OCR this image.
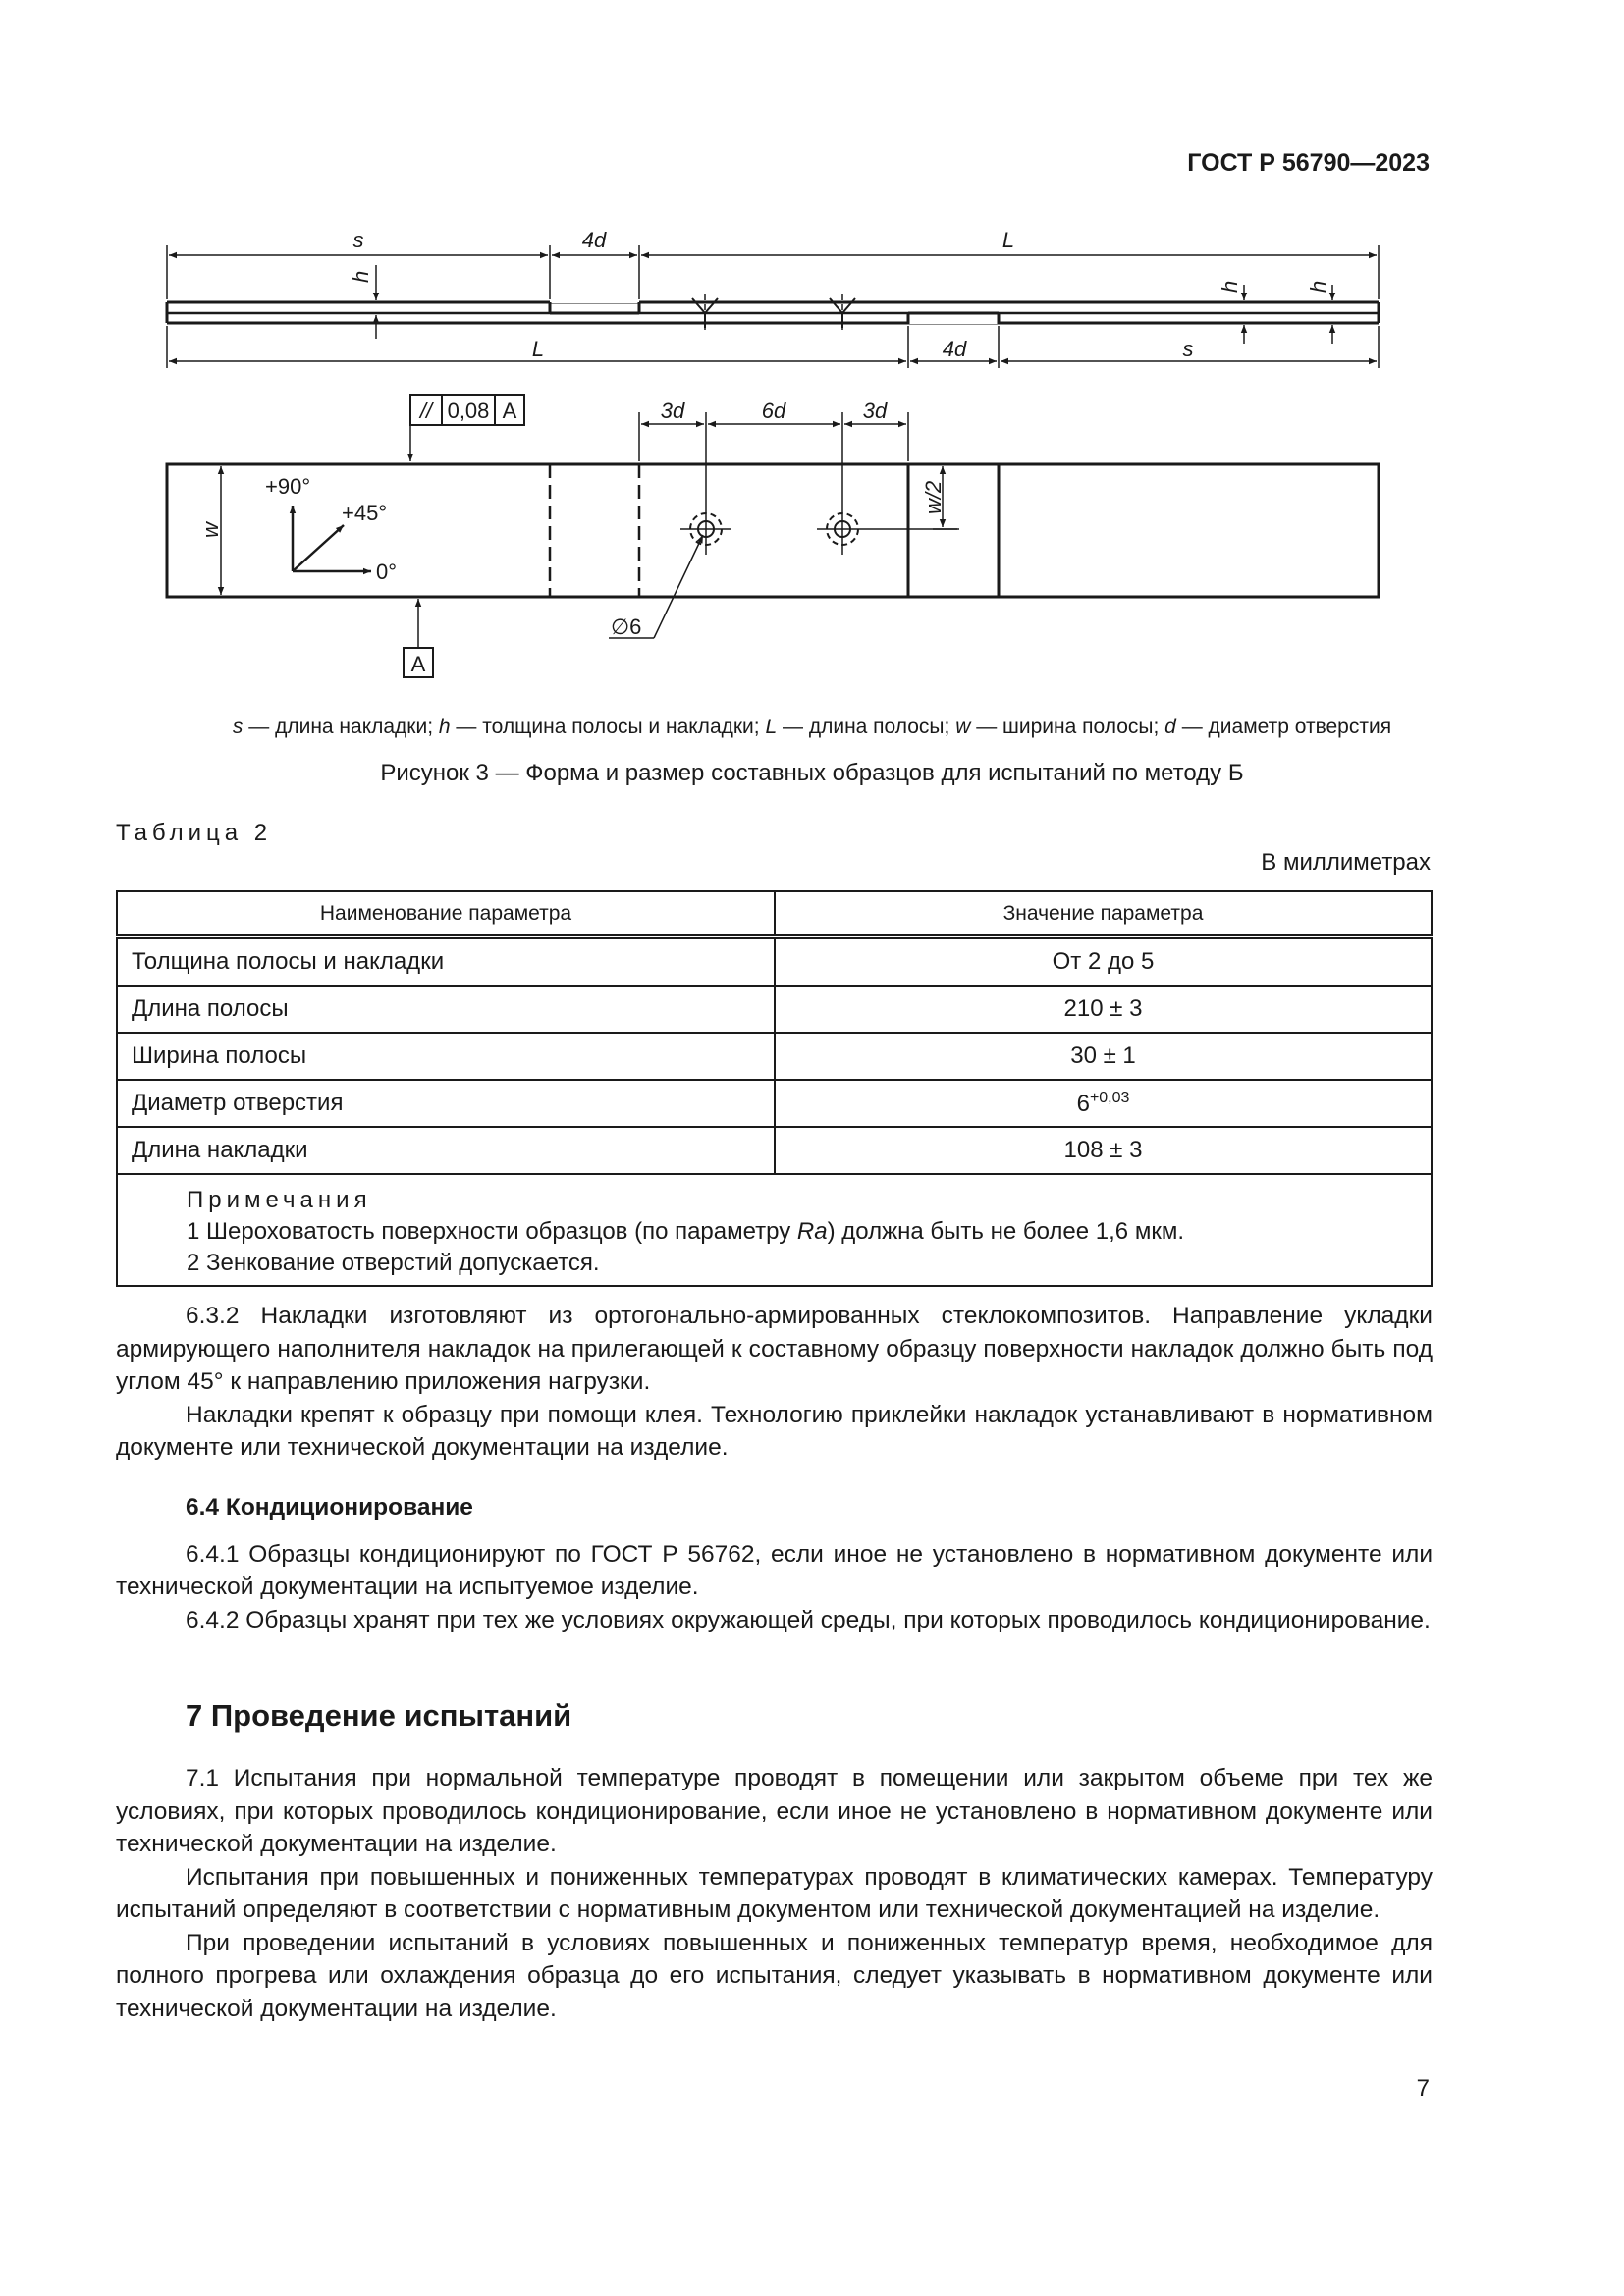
ГОСТ Р 56790—2023
s	4d	L
h
h	h
L	4d	s
// 0,08 A	3d	6d	3d
w
w/2
+90°
+45°
0°
∅6
A
s — длина накладки; h — толщина полосы и накладки; L — длина полосы; w — ширина полосы; d — диаметр отверстия
Рисунок 3 — Форма и размер составных образцов для испытаний по методу Б
Таблица 2
В миллиметрах
Наименование параметра	Значение параметра
Толщина полосы и накладки	От 2 до 5
Длина полосы	210 ± 3
Ширина полосы	30 ± 1
Диаметр отверстия	$6^{+0,03}$
Длина накладки	108 ± 3

Примечания
1 Шероховатость поверхности образцов (по параметру Ra) должна быть не более 1,6 мкм.
2 Зенкование отверстий допускается.	

6.3.2 Накладки изготовляют из ортогонально-армированных стеклокомпозитов. Направление укладки армирующего наполнителя накладок на прилегающей к составному образцу поверхности накладок должно быть под углом 45° к направлению приложения нагрузки.

Накладки крепят к образцу при помощи клея. Технологию приклейки накладок устанавливают в нормативном документе или технической документации на изделие.

6.4 Кондиционирование

6.4.1 Образцы кондиционируют по ГОСТ Р 56762, если иное не установлено в нормативном документе или технической документации на испытуемое изделие.

6.4.2 Образцы хранят при тех же условиях окружающей среды, при которых проводилось кондиционирование.

7 Проведение испытаний

7.1 Испытания при нормальной температуре проводят в помещении или закрытом объеме при тех же условиях, при которых проводилось кондиционирование, если иное не установлено в нормативном документе или технической документации на изделие.

Испытания при повышенных и пониженных температурах проводят в климатических камерах. Температуру испытаний определяют в соответствии с нормативным документом или технической документацией на изделие.

При проведении испытаний в условиях повышенных и пониженных температур время, необходимое для полного прогрева или охлаждения образца до его испытания, следует указывать в нормативном документе или технической документации на изделие.

7
